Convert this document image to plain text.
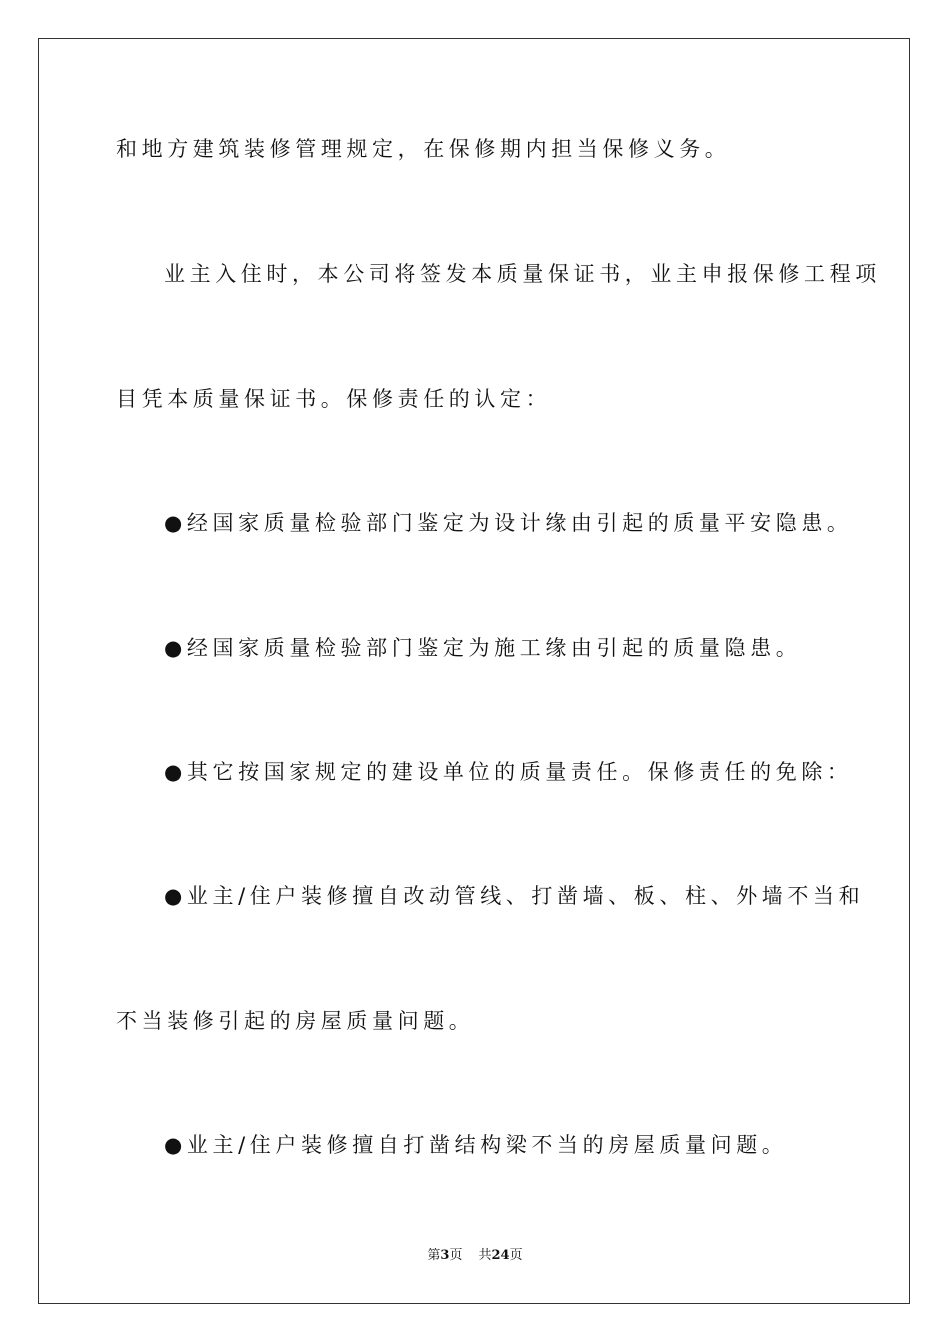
和地方建筑装修管理规定，在保修期内担当保修义务。
业主入住时，本公司将签发本质量保证书，业主申报保修工程项
目凭本质量保证书。保修责任的认定：
●经国家质量检验部门鉴定为设计缘由引起的质量平安隐患。
●经国家质量检验部门鉴定为施工缘由引起的质量隐患。
●其它按国家规定的建设单位的质量责任。保修责任的免除：
●业主/住户装修擅自改动管线、打凿墙、板、柱、外墙不当和
不当装修引起的房屋质量问题。
●业主/住户装修擅自打凿结构梁不当的房屋质量问题。
第3页 共24页
